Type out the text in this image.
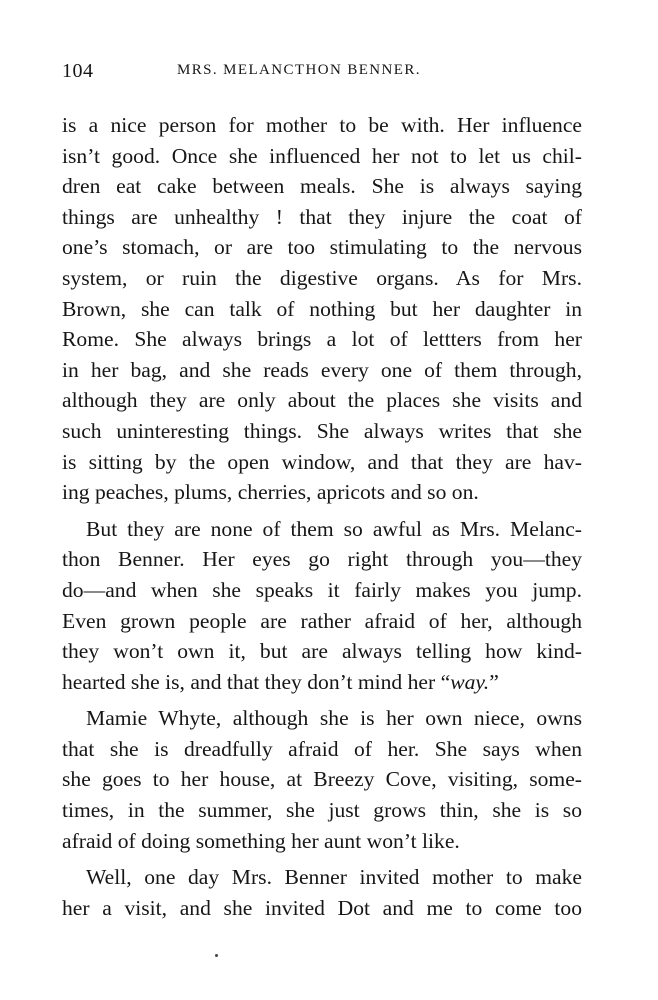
104	MRS. MELANCTHON BENNER.
is a nice person for mother to be with. Her influence
isn’t good. Once she influenced her not to let us chil-
dren eat cake between meals. She is always saying
things are unhealthy ! that they injure the coat of
one’s stomach, or are too stimulating to the nervous
system, or ruin the digestive organs. As for Mrs.
Brown, she can talk of nothing but her daughter in
Rome. She always brings a lot of lettters from her
in her bag, and she reads every one of them through,
although they are only about the places she visits and
such uninteresting things. She always writes that she
is sitting by the open window, and that they are hav-
ing peaches, plums, cherries, apricots and so on.
But they are none of them so awful as Mrs. Melanc-
thon Benner. Her eyes go right through you—they
do—and when she speaks it fairly makes you jump.
Even grown people are rather afraid of her, although
they won’t own it, but are always telling how kind-
hearted she is, and that they don’t mind her “way.”
Mamie Whyte, although she is her own niece, owns
that she is dreadfully afraid of her. She says when
she goes to her house, at Breezy Cove, visiting, some-
times, in the summer, she just grows thin, she is so
afraid of doing something her aunt won’t like.
Well, one day Mrs. Benner invited mother to make
her a visit, and she invited Dot and me to come too
